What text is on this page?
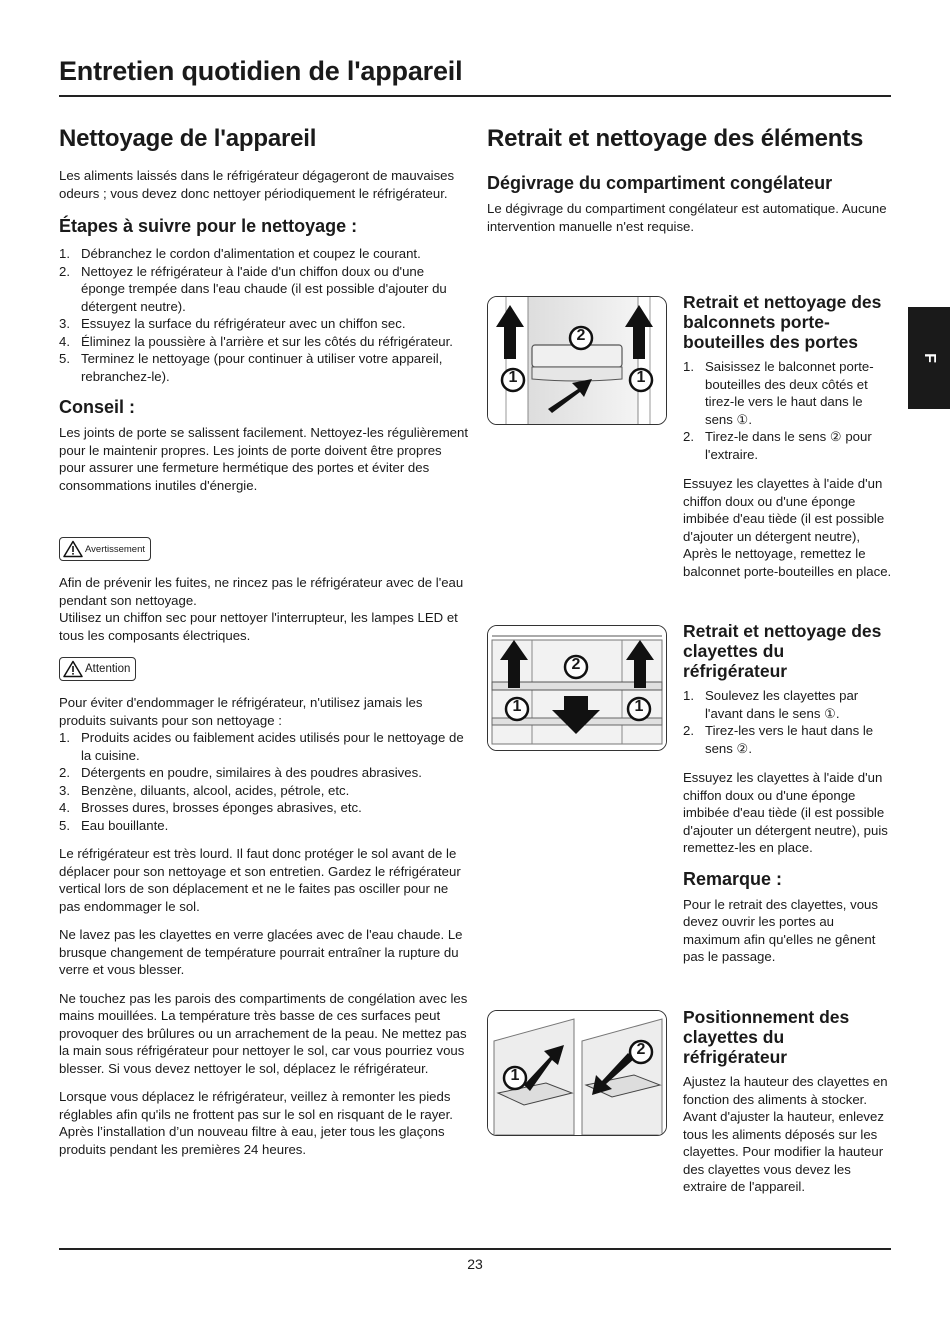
Entretien quotidien de l'appareil
F
Nettoyage de l'appareil

Les aliments laissés dans le réfrigérateur dégageront de mauvaises odeurs ; vous devez donc nettoyer périodiquement le réfrigérateur.

Étapes à suivre pour le nettoyage :
1. Débranchez le cordon d'alimentation et coupez le courant.
2. Nettoyez le réfrigérateur à l'aide d'un chiffon doux ou d'une éponge trempée dans l'eau chaude (il est possible d'ajouter du détergent neutre).
3. Essuyez la surface du réfrigérateur avec un chiffon sec.
4. Éliminez la poussière à l'arrière et sur les côtés du réfrigérateur.
5. Terminez le nettoyage (pour continuer à utiliser votre appareil, rebranchez-le).
Conseil :

Les joints de porte se salissent facilement. Nettoyez-les régulièrement pour le maintenir propres. Les joints de porte doivent être propres pour assurer une fermeture hermétique des portes et éviter des consommations inutiles d'énergie.

Avertissement

Afin de prévenir les fuites, ne rincez pas le réfrigérateur avec de l'eau pendant son nettoyage.

Utilisez un chiffon sec pour nettoyer l'interrupteur, les lampes LED et tous les composants électriques.

Attention

Pour éviter d'endommager le réfrigérateur, n'utilisez jamais les produits suivants pour son nettoyage :

1. Produits acides ou faiblement acides utilisés pour le nettoyage de la cuisine.
2. Détergents en poudre, similaires à des poudres abrasives.
3. Benzène, diluants, alcool, acides, pétrole, etc.
4. Brosses dures, brosses éponges abrasives, etc.
5. Eau bouillante.

Le réfrigérateur est très lourd. Il faut donc protéger le sol avant de le déplacer pour son nettoyage et son entretien. Gardez le réfrigérateur vertical lors de son déplacement et ne le faites pas osciller pour ne pas endommager le sol.

Ne lavez pas les clayettes en verre glacées avec de l'eau chaude. Le brusque changement de température pourrait entraîner la rupture du verre et vous blesser.

Ne touchez pas les parois des compartiments de congélation avec les mains mouillées. La température très basse de ces surfaces peut provoquer des brûlures ou un arrachement de la peau. Ne mettez pas la main sous réfrigérateur pour nettoyer le sol, car vous pourriez vous blesser. Si vous devez nettoyer le sol, déplacez le réfrigérateur.

Lorsque vous déplacez le réfrigérateur, veillez à remonter les pieds réglables afin qu'ils ne frottent pas sur le sol en risquant de le rayer.

Après l’installation d’un nouveau filtre à eau, jeter tous les glaçons produits pendant les premières 24 heures.

Retrait et nettoyage des éléments
Dégivrage du compartiment congélateur

Le dégivrage du compartiment congélateur est automatique. Aucune intervention manuelle n'est requise.

1	1
2
Retrait et nettoyage des balconnets porte-bouteilles des portes
1. Saisissez le balconnet porte-bouteilles des deux côtés et tirez-le vers le haut dans le sens ①.
2. Tirez-le dans le sens ② pour l'extraire.

Essuyez les clayettes à l'aide d'un chiffon doux ou d'une éponge imbibée d'eau tiède (il est possible d'ajouter un détergent neutre), Après le nettoyage, remettez le balconnet porte-bouteilles en place.

1	1
2
Retrait et nettoyage des clayettes du réfrigérateur
1. Soulevez les clayettes par l'avant dans le sens ①.
2. Tirez-les vers le haut dans le sens ②.

Essuyez les clayettes à l'aide d'un chiffon doux ou d'une éponge imbibée d'eau tiède (il est possible d'ajouter un détergent neutre), puis remettez-les en place.

Remarque :

Pour le retrait des clayettes, vous devez ouvrir les portes au maximum afin qu'elles ne gênent pas le passage.

1
2
Positionnement des clayettes du réfrigérateur

Ajustez la hauteur des clayettes en fonction des aliments à stocker.

Avant d'ajuster la hauteur, enlevez tous les aliments déposés sur les clayettes. Pour modifier la hauteur des clayettes vous devez les extraire de l'appareil.

23
